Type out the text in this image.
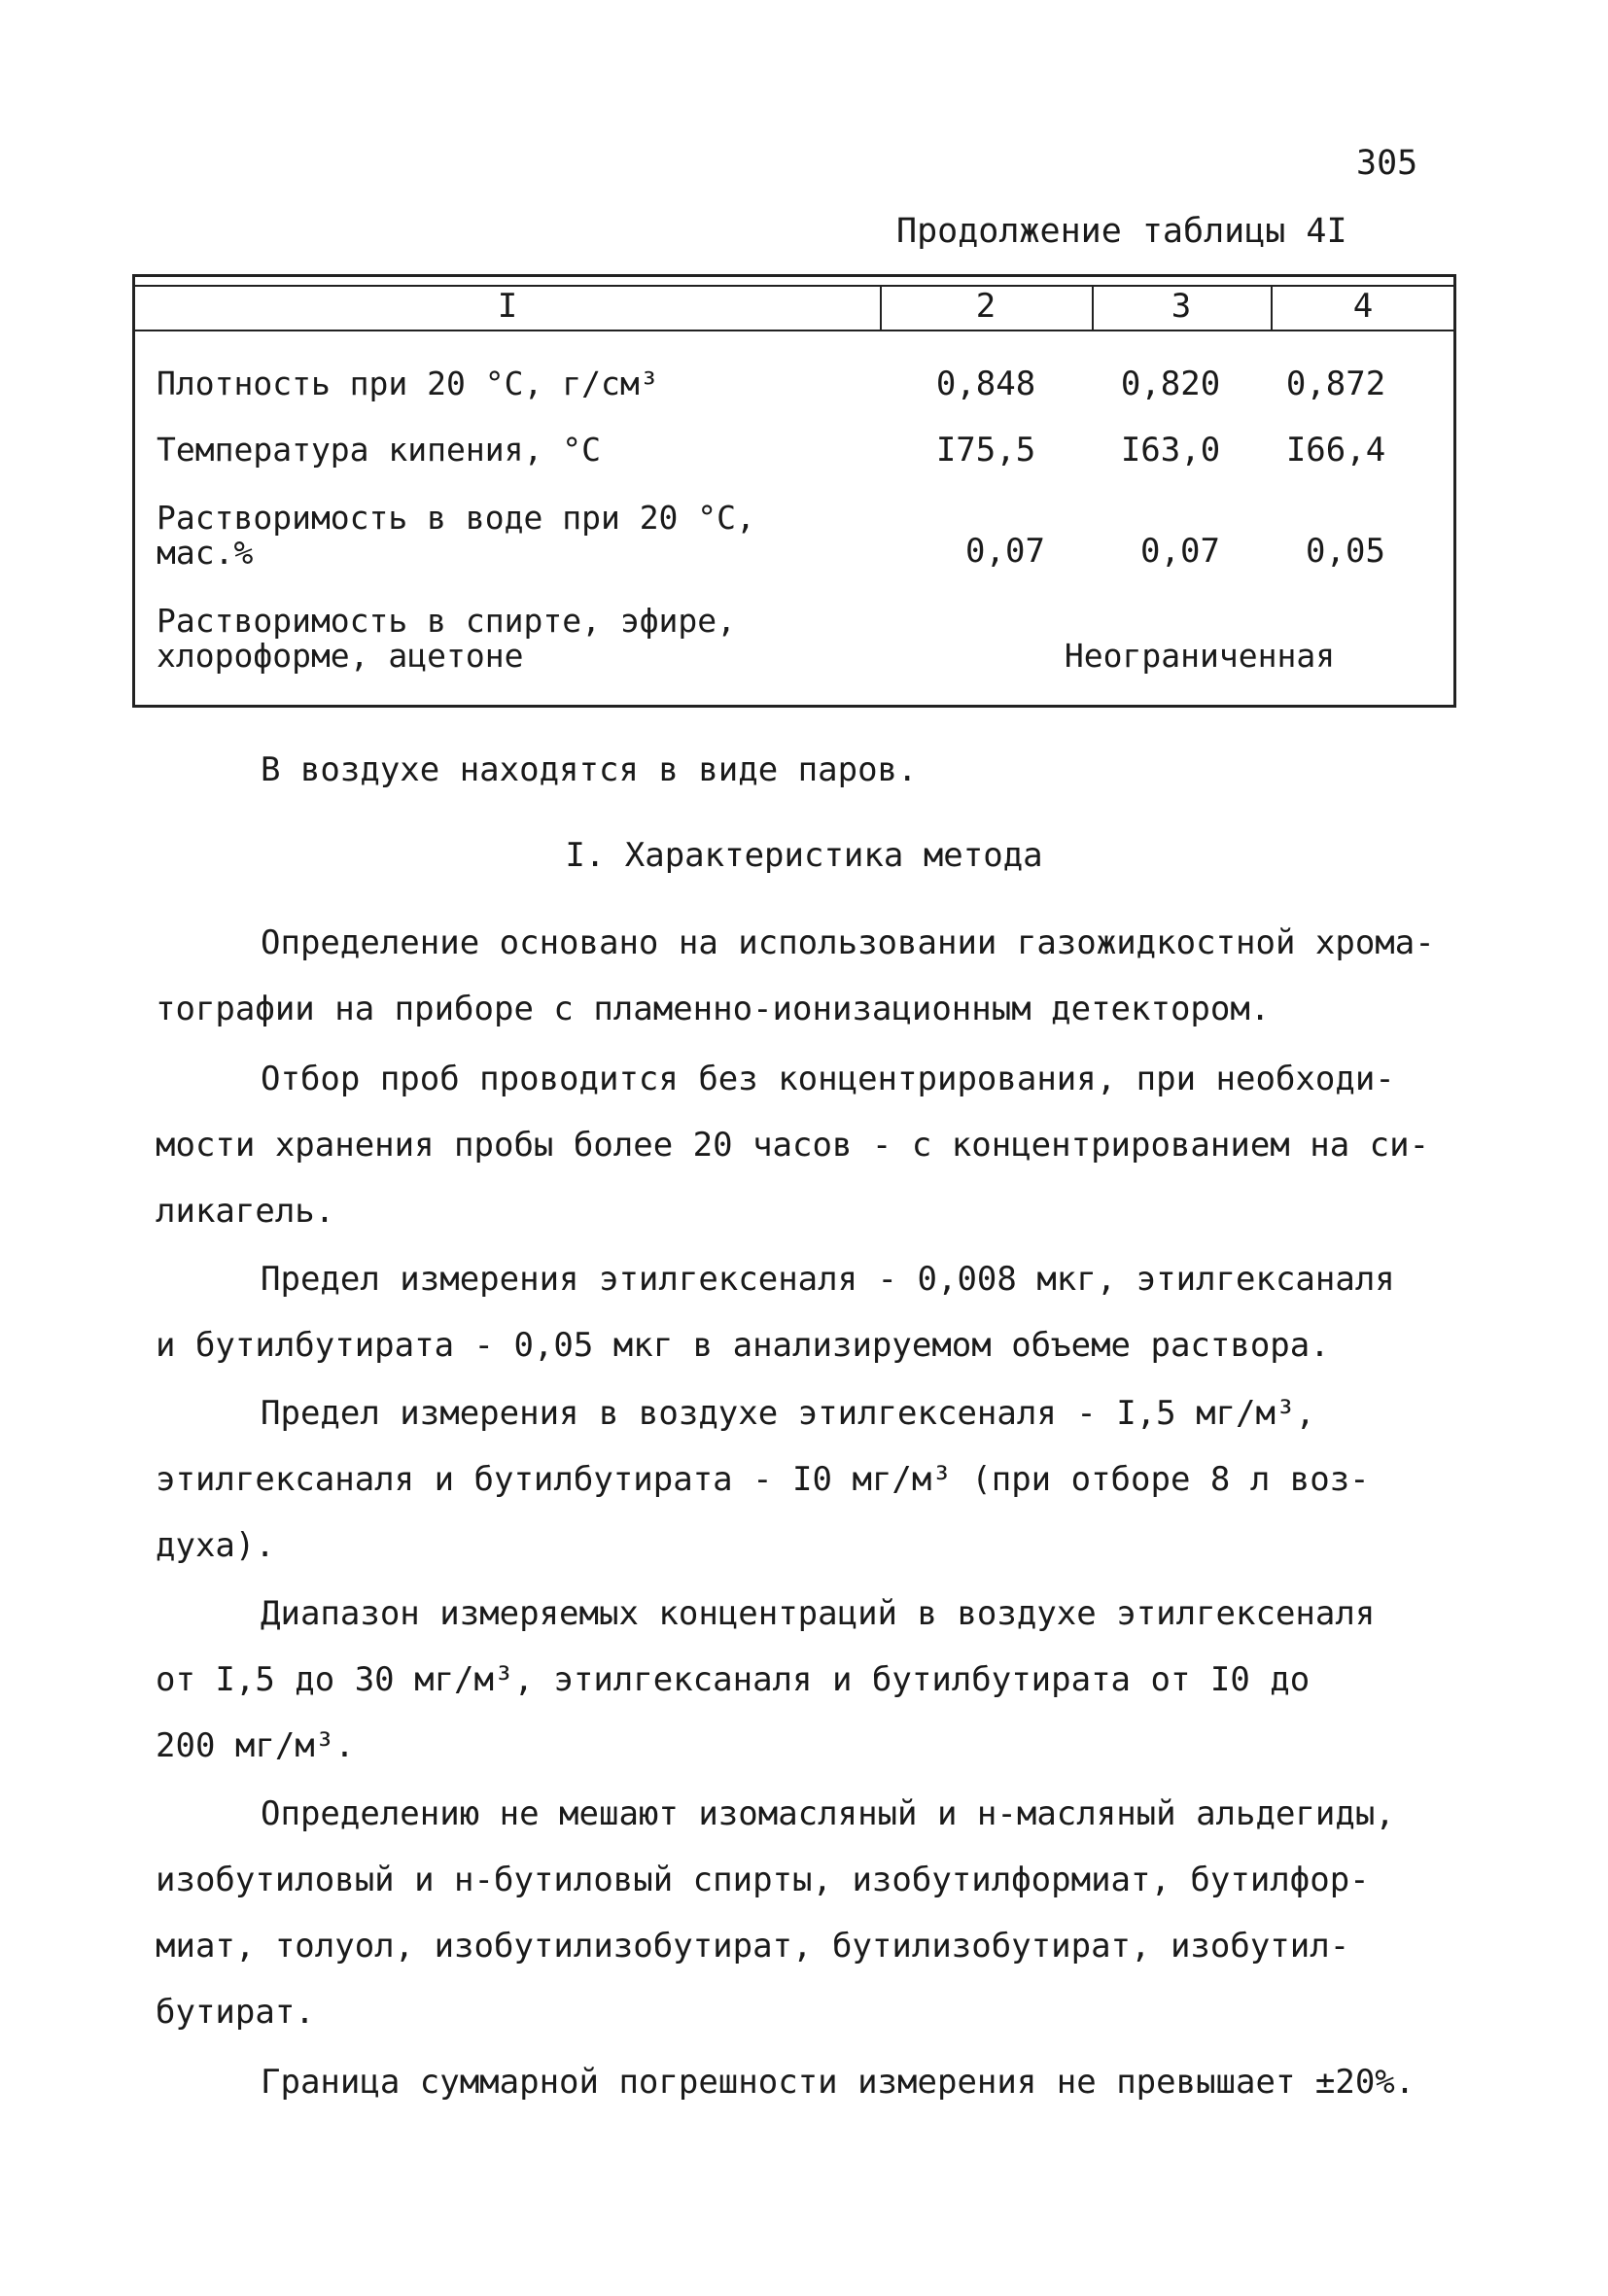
305
Продолжение таблицы 4I
I	2	3	4
Плотность при 20 °С, г/см³	0,848	0,820	0,872
Температура кипения, °С	I75,5	I63,0	I66,4
Растворимость в воде при 20 °С,
мас.%	0,07	0,07	0,05
Растворимость в спирте, эфире,
хлороформе, ацетоне	Неограниченная
В воздухе находятся в виде паров.
I. Характеристика метода
Определение основано на использовании газожидкостной хрома-
тографии на приборе с пламенно-ионизационным детектором.
Отбор проб проводится без концентрирования, при необходи-
мости хранения пробы более 20 часов - с концентрированием на си-
ликагель.
Предел измерения этилгексеналя - 0,008 мкг, этилгексаналя
и бутилбутирата - 0,05 мкг в анализируемом объеме раствора.
Предел измерения в воздухе этилгексеналя - I,5 мг/м³,
этилгексаналя и бутилбутирата - I0 мг/м³ (при отборе 8 л воз-
духа).
Диапазон измеряемых концентраций в воздухе этилгексеналя
от I,5 до 30 мг/м³, этилгексаналя и бутилбутирата от I0 до
200 мг/м³.
Определению не мешают изомасляный и н-масляный альдегиды,
изобутиловый и н-бутиловый спирты, изобутилформиат, бутилфор-
миат, толуол, изобутилизобутират, бутилизобутират, изобутил-
бутират.
Граница суммарной погрешности измерения не превышает ±20%.
